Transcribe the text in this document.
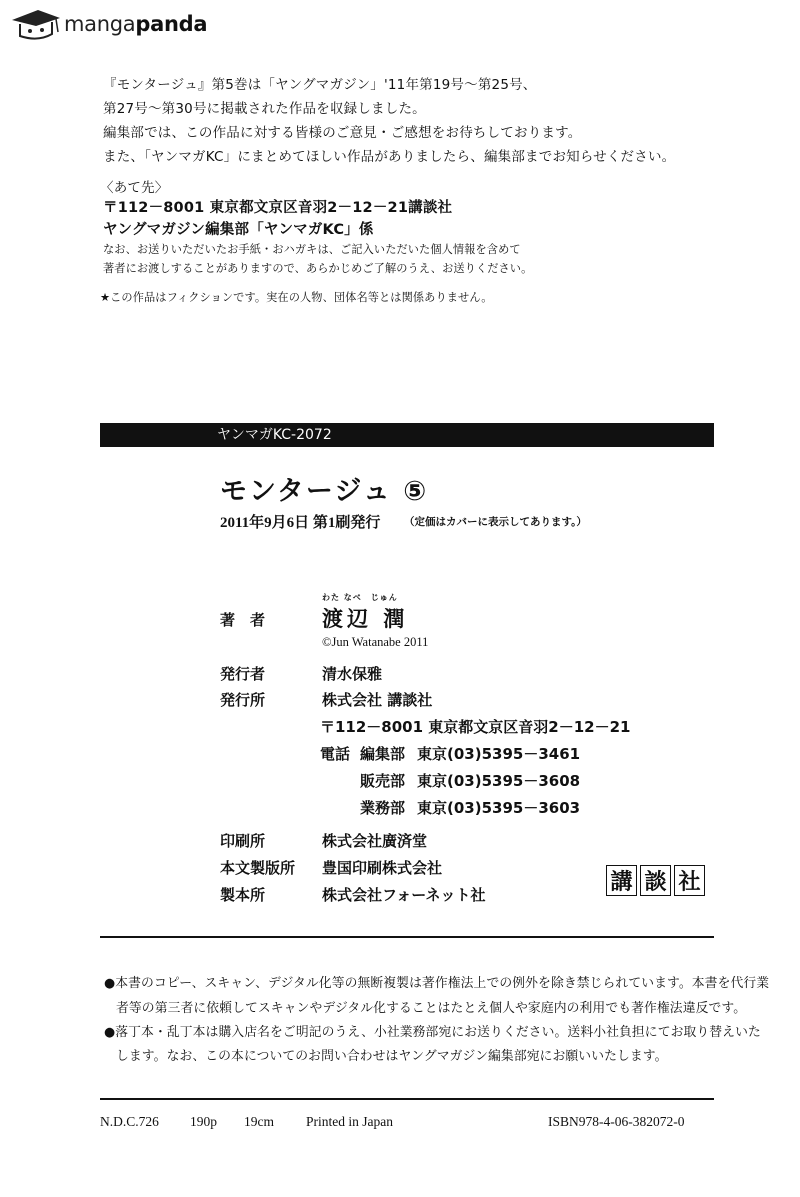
mangapanda
『モンタージュ』第5巻は「ヤングマガジン」'11年第19号～第25号、
第27号～第30号に掲載された作品を収録しました。
編集部では、この作品に対する皆様のご意見・ご感想をお待ちしております。
また、「ヤンマガKC」にまとめてほしい作品がありましたら、編集部までお知らせください。
〈あて先〉
〒112－8001 東京都文京区音羽2－12－21講談社
ヤングマガジン編集部「ヤンマガKC」係
なお、お送りいただいたお手紙・おハガキは、ご記入いただいた個人情報を含めて
著者にお渡しすることがありますので、あらかじめご了解のうえ、お送りください。
★この作品はフィクションです。実在の人物、団体名等とは関係ありません。
ヤンマガKC-2072
モンタージュ ⑤
2011年9月6日 第1刷発行 （定価はカバーに表示してあります。）
著　者
わた なべ　じゅん
渡辺 潤
©Jun Watanabe 2011
発行者	清水保雅
発行所	株式会社 講談社
〒112－8001 東京都文京区音羽2－12－21
電話 編集部 東京(03)5395－3461
販売部 東京(03)5395－3608
業務部 東京(03)5395－3603
印刷所	株式会社廣済堂
本文製版所 豊国印刷株式会社
製本所	株式会社フォーネット社	講 談 社
●本書のコピー、スキャン、デジタル化等の無断複製は著作権法上での例外を除き禁じられています。本書を代行業
者等の第三者に依頼してスキャンやデジタル化することはたとえ個人や家庭内の利用でも著作権法違反です。
●落丁本・乱丁本は購入店名をご明記のうえ、小社業務部宛にお送りください。送料小社負担にてお取り替えいた
します。なお、この本についてのお問い合わせはヤングマガジン編集部宛にお願いいたします。
N.D.C.726 190p 19cm Printed in Japan	ISBN978-4-06-382072-0
